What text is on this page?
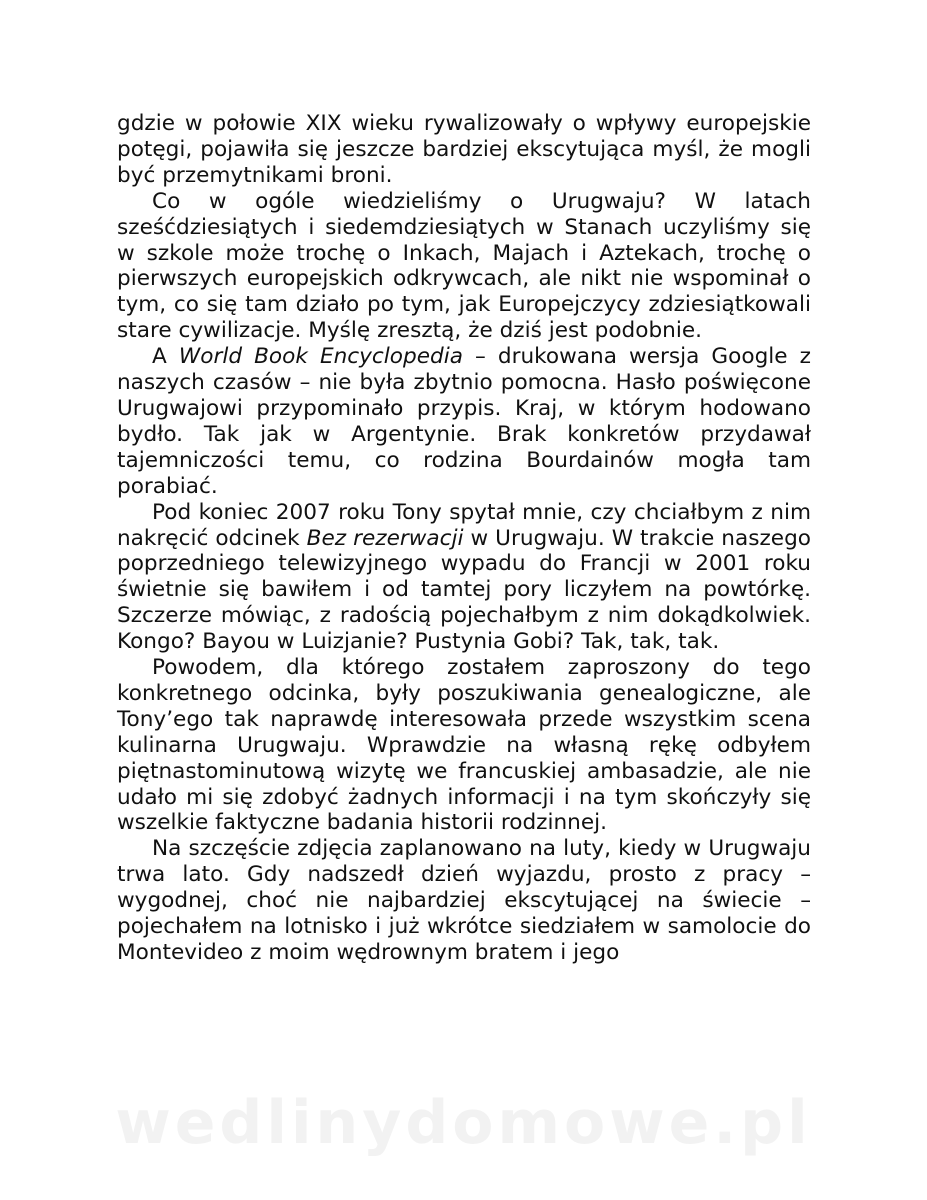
gdzie w połowie XIX wieku rywalizowały o wpływy europejskie potęgi, pojawiła się jeszcze bardziej ekscytująca myśl, że mogli być przemytnikami broni.

Co w ogóle wiedzieliśmy o Urugwaju? W latach sześćdziesiątych i siedemdziesiątych w Stanach uczyliśmy się w szkole może trochę o Inkach, Majach i Aztekach, trochę o pierwszych europejskich odkrywcach, ale nikt nie wspominał o tym, co się tam działo po tym, jak Europejczycy zdziesiątkowali stare cywilizacje. Myślę zresztą, że dziś jest podobnie.

A World Book Encyclopedia – drukowana wersja Google z naszych czasów – nie była zbytnio pomocna. Hasło poświęcone Urugwajowi przypominało przypis. Kraj, w którym hodowano bydło. Tak jak w Argentynie. Brak konkretów przydawał tajemniczości temu, co rodzina Bourdainów mogła tam porabiać.

Pod koniec 2007 roku Tony spytał mnie, czy chciałbym z nim nakręcić odcinek Bez rezerwacji w Urugwaju. W trakcie naszego poprzedniego telewizyjnego wypadu do Francji w 2001 roku świetnie się bawiłem i od tamtej pory liczyłem na powtórkę. Szczerze mówiąc, z radością pojechałbym z nim dokądkolwiek. Kongo? Bayou w Luizjanie? Pustynia Gobi? Tak, tak, tak.

Powodem, dla którego zostałem zaproszony do tego konkretnego odcinka, były poszukiwania genealogiczne, ale Tony’ego tak naprawdę interesowała przede wszystkim scena kulinarna Urugwaju. Wprawdzie na własną rękę odbyłem piętnastominutową wizytę we francuskiej ambasadzie, ale nie udało mi się zdobyć żadnych informacji i na tym skończyły się wszelkie faktyczne badania historii rodzinnej.

Na szczęście zdjęcia zaplanowano na luty, kiedy w Urugwaju trwa lato. Gdy nadszedł dzień wyjazdu, prosto z pracy – wygodnej, choć nie najbardziej ekscytującej na świecie – pojechałem na lotnisko i już wkrótce siedziałem w samolocie do Montevideo z moim wędrownym bratem i jego

wedlinydomowe.pl
